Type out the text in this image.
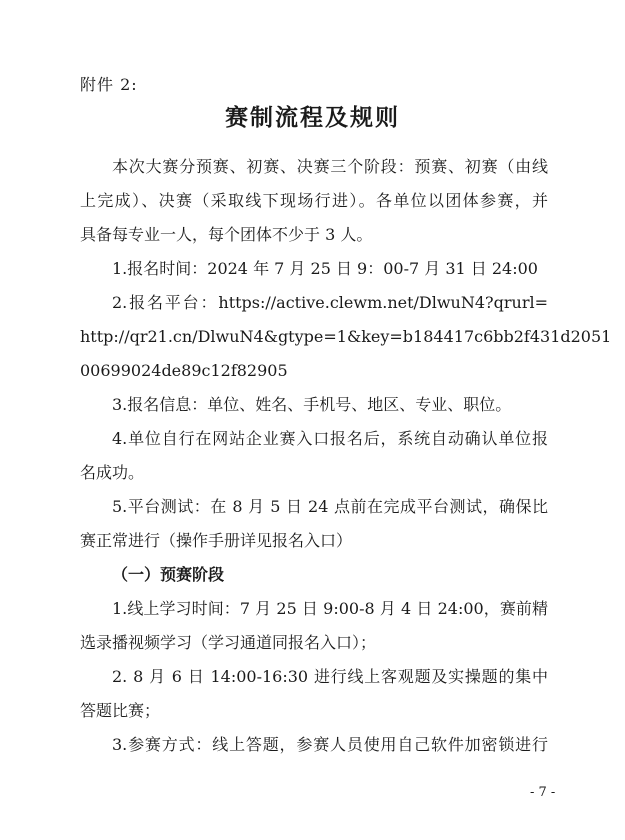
附件 2:
赛制流程及规则
本次大赛分预赛、初赛、决赛三个阶段：预赛、初赛（由线
上完成）、决赛（采取线下现场行进）。各单位以团体参赛，并
具备每专业一人，每个团体不少于 3 人。
1.报名时间：2024 年 7 月 25 日 9：00-7 月 31 日 24:00
2.报名平台：https://active.clewm.net/DlwuN4?qrurl=
http://qr21.cn/DlwuN4&gtype=1&key=b184417c6bb2f431d2051
00699024de89c12f82905
3.报名信息：单位、姓名、手机号、地区、专业、职位。
4.单位自行在网站企业赛入口报名后，系统自动确认单位报
名成功。
5.平台测试：在 8 月 5 日 24 点前在完成平台测试，确保比
赛正常进行（操作手册详见报名入口）
（一）预赛阶段
1.线上学习时间：7 月 25 日 9:00-8 月 4 日 24:00，赛前精
选录播视频学习（学习通道同报名入口）；
2. 8 月 6 日 14:00-16:30 进行线上客观题及实操题的集中
答题比赛；
3.参赛方式：线上答题，参赛人员使用自己软件加密锁进行
- 7 -
